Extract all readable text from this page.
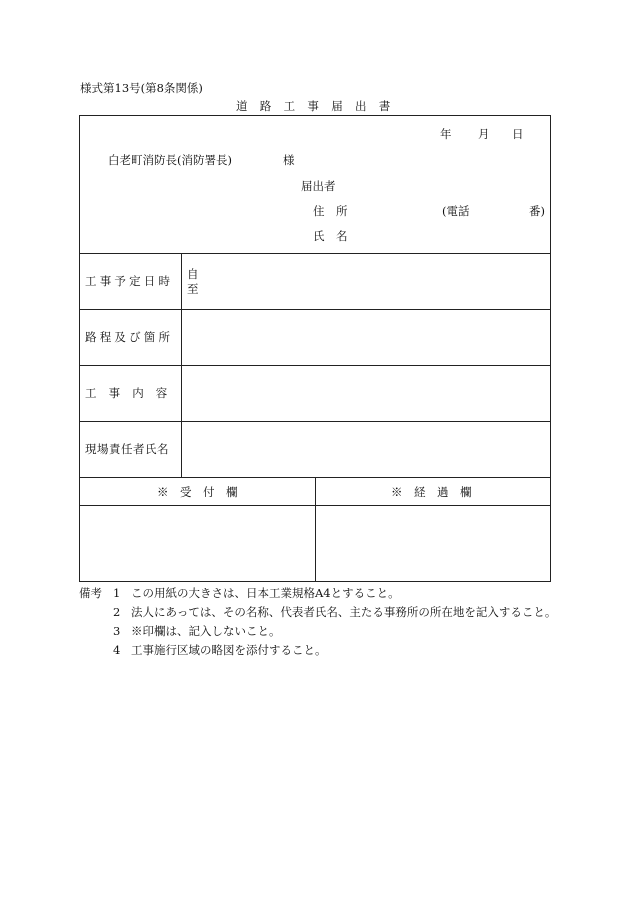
様式第13号(第8条関係)
道路工事届出書
年 月 日
白老町消防長(消防署長)	様
届出者
住　所	(電話	番)
氏　名
工事予定日時 自
至
路程及び箇所
工　事　内　容
現場責任者氏名
※　受　付　欄	※　経　過　欄
備考 1 この用紙の大きさは、日本工業規格A4とすること。
2 法人にあっては、その名称、代表者氏名、主たる事務所の所在地を記入すること。
3 ※印欄は、記入しないこと。
4 工事施行区域の略図を添付すること。
